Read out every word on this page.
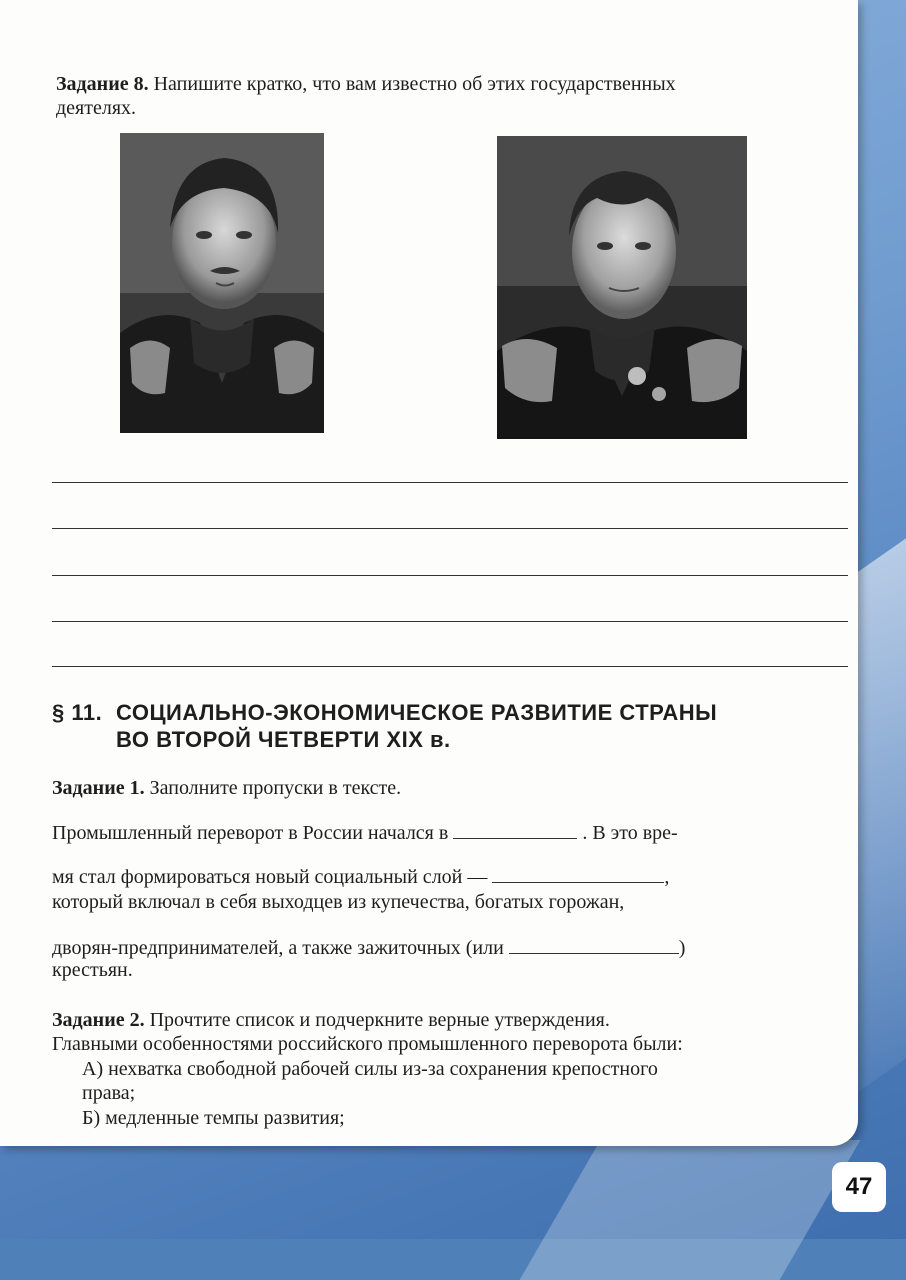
Задание 8. Напишите кратко, что вам известно об этих государственных
деятелях.
§ 11. СОЦИАЛЬНО-ЭКОНОМИЧЕСКОЕ РАЗВИТИЕ СТРАНЫ
ВО ВТОРОЙ ЧЕТВЕРТИ XIX в.
Задание 1. Заполните пропуски в тексте.
Промышленный переворот в России начался в	. В это вре-
мя стал формироваться новый социальный слой —	,
который включал в себя выходцев из купечества, богатых горожан,
дворян-предпринимателей, а также зажиточных (или	)
крестьян.
Задание 2. Прочтите список и подчеркните верные утверждения.
Главными особенностями российского промышленного переворота были:
А) нехватка свободной рабочей силы из-за сохранения крепостного
права;
Б) медленные темпы развития;
47
